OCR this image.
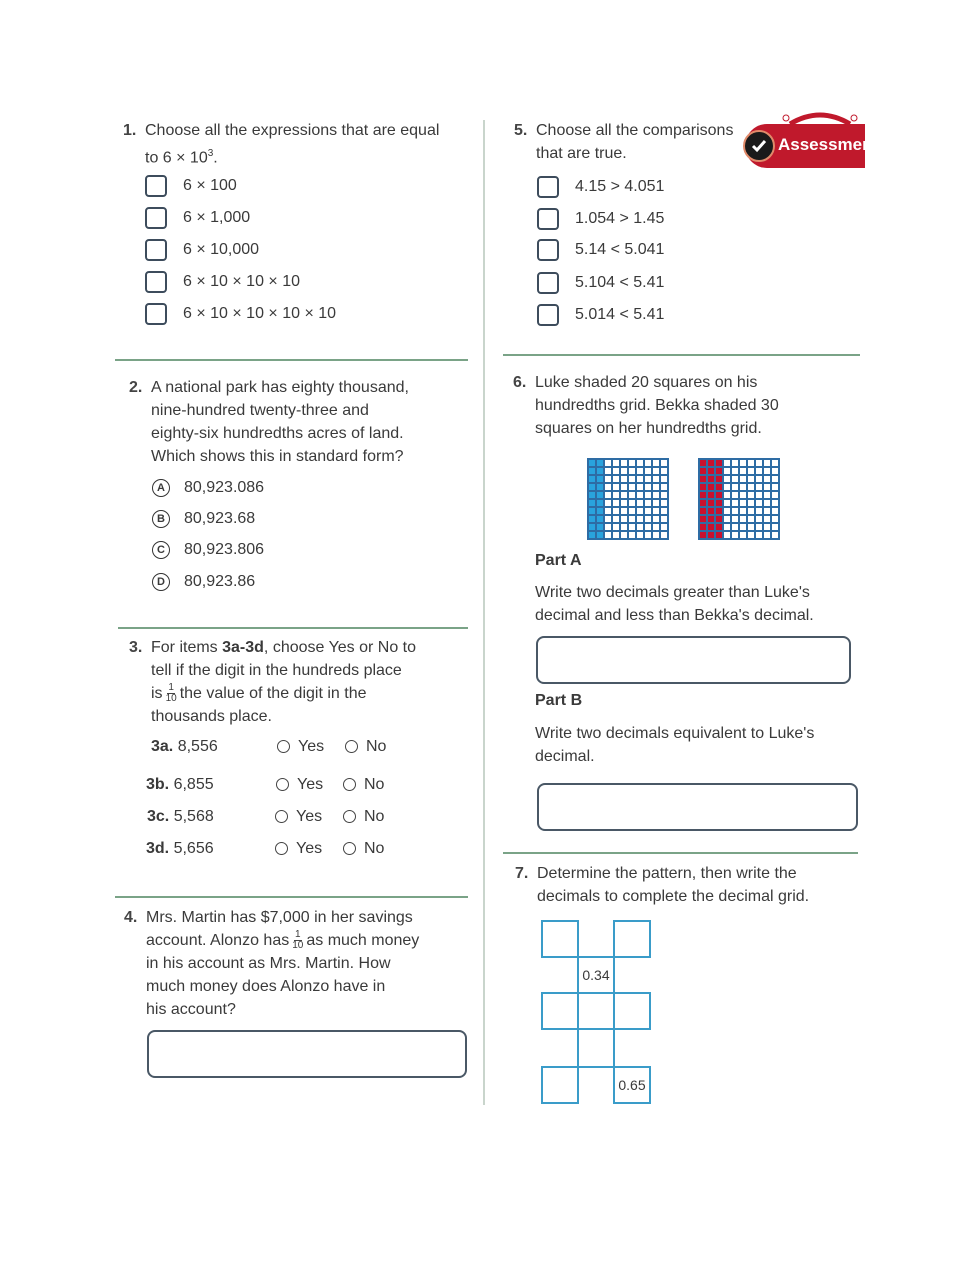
1. Choose all the expressions that are equal
to $6 \times 10^3$.
6 × 100
6 × 1,000
6 × 10,000
6 × 10 × 10 × 10
6 × 10 × 10 × 10 × 10
2. A national park has eighty thousand,
nine-hundred twenty-three and
eighty-six hundredths acres of land.
Which shows this in standard form?
A	80,923.086
B	80,923.68
C	80,923.806
D	80,923.86
3. For items 3a-3d, choose Yes or No to
tell if the digit in the hundreds place
is $\frac{1}{10}$ the value of the digit in the
thousands place.
3a. 8,556	Yes	No
3b. 6,855	Yes	No
3c. 5,568	Yes	No
3d. 5,656	Yes	No
4. Mrs. Martin has $7,000 in her savings
account. Alonzo has $\frac{1}{10}$ as much money
in his account as Mrs. Martin. How
much money does Alonzo have in
his account?
5. Choose all the comparisons
that are true.	Assessment
4.15 > 4.051
1.054 > 1.45
5.14 < 5.041
5.104 < 5.41
5.014 < 5.41
6. Luke shaded 20 squares on his
hundredths grid. Bekka shaded 30
squares on her hundredths grid.
Part A
Write two decimals greater than Luke's
decimal and less than Bekka's decimal.
Part B
Write two decimals equivalent to Luke's
decimal.
7. Determine the pattern, then write the
decimals to complete the decimal grid.
0.34
0.65
